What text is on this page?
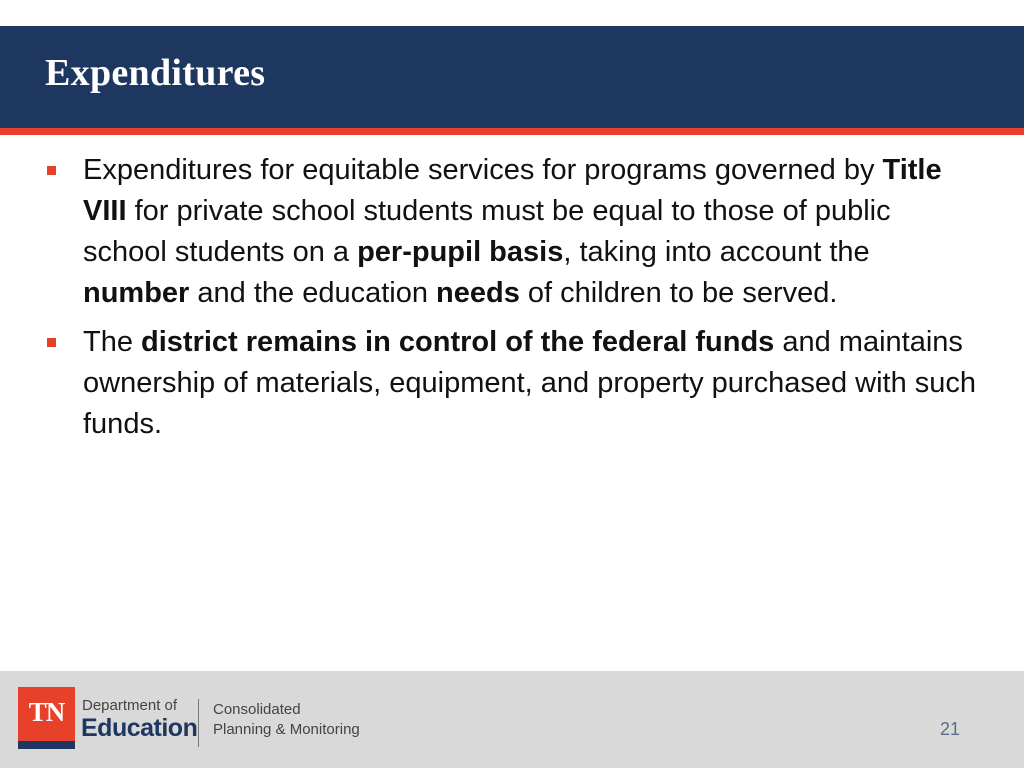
Expenditures
Expenditures for equitable services for programs governed by Title VIII for private school students must be equal to those of public school students on a per-pupil basis, taking into account the number and the education needs of children to be served.
The district remains in control of the federal funds and maintains ownership of materials, equipment, and property purchased with such funds.
TN	Department of
Education
Consolidated
Planning & Monitoring	21
